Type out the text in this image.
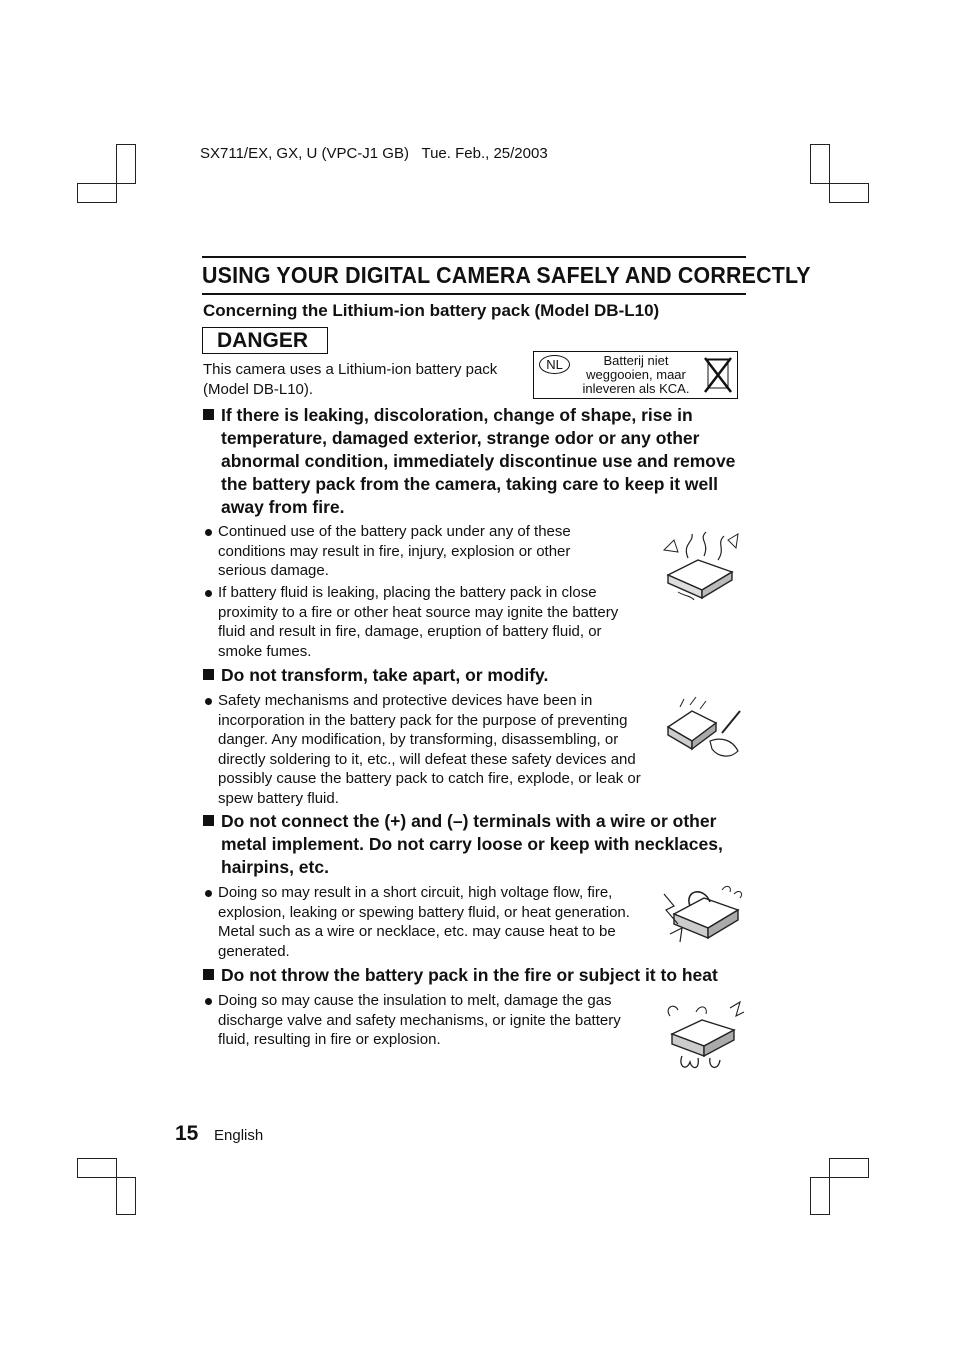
SX711/EX, GX, U (VPC-J1 GB) Tue. Feb., 25/2003
USING YOUR DIGITAL CAMERA SAFELY AND CORRECTLY
Concerning the Lithium-ion battery pack (Model DB-L10)
DANGER
This camera uses a Lithium-ion battery pack (Model DB-L10).
NL	Batterij niet weggooien, maar inleveren als KCA.
If there is leaking, discoloration, change of shape, rise in temperature, damaged exterior, strange odor or any other abnormal condition, immediately discontinue use and remove the battery pack from the camera, taking care to keep it well away from fire.
Continued use of the battery pack under any of these conditions may result in fire, injury, explosion or other serious damage.
If battery fluid is leaking, placing the battery pack in close proximity to a fire or other heat source may ignite the battery fluid and result in fire, damage, eruption of battery fluid, or smoke fumes.
Do not transform, take apart, or modify.
Safety mechanisms and protective devices have been in incorporation in the battery pack for the purpose of preventing danger. Any modification, by transforming, disassembling, or directly soldering to it, etc., will defeat these safety devices and possibly cause the battery pack to catch fire, explode, or leak or spew battery fluid.
Do not connect the (+) and (–) terminals with a wire or other metal implement. Do not carry loose or keep with necklaces, hairpins, etc.
Doing so may result in a short circuit, high voltage flow, fire, explosion, leaking or spewing battery fluid, or heat generation. Metal such as a wire or necklace, etc. may cause heat to be generated.
Do not throw the battery pack in the fire or subject it to heat
Doing so may cause the insulation to melt, damage the gas discharge valve and safety mechanisms, or ignite the battery fluid, resulting in fire or explosion.
15 English
